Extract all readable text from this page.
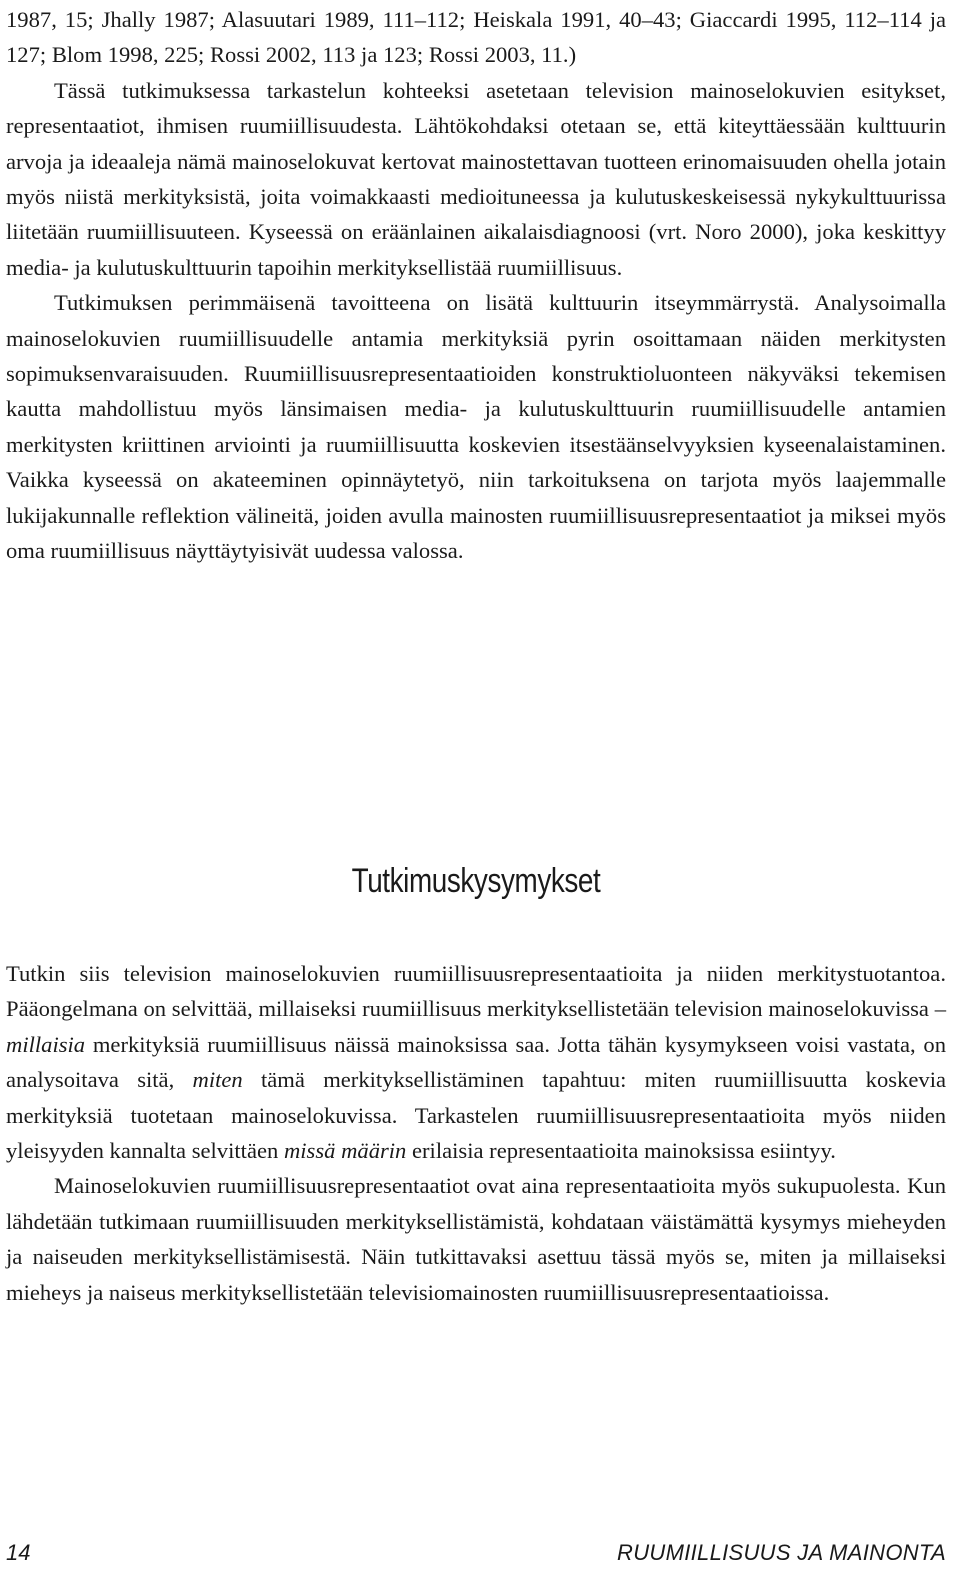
1987, 15; Jhally 1987; Alasuutari 1989, 111–112; Heiskala 1991, 40–43; Giaccardi 1995, 112–114 ja 127; Blom 1998, 225; Rossi 2002, 113 ja 123; Rossi 2003, 11.)

Tässä tutkimuksessa tarkastelun kohteeksi asetetaan television mainoselokuvien esitykset, representaatiot, ihmisen ruumiillisuudesta. Lähtökohdaksi otetaan se, että kiteyttäessään kulttuurin arvoja ja ideaaleja nämä mainoselokuvat kertovat mainostettavan tuotteen erinomaisuuden ohella jotain myös niistä merkityksistä, joita voimakkaasti medioituneessa ja kulutuskeskeisessä nykykulttuurissa liitetään ruumiillisuuteen. Kyseessä on eräänlainen aikalaisdiagnoosi (vrt. Noro 2000), joka keskittyy media- ja kulutuskulttuurin tapoihin merkityksellistää ruumiillisuus.

Tutkimuksen perimmäisenä tavoitteena on lisätä kulttuurin itseymmärrystä. Analysoimalla mainoselokuvien ruumiillisuudelle antamia merkityksiä pyrin osoittamaan näiden merkitysten sopimuksenvaraisuuden. Ruumiillisuusrepresentaatioiden konstruktioluonteen näkyväksi tekemisen kautta mahdollistuu myös länsimaisen media- ja kulutuskulttuurin ruumiillisuudelle antamien merkitysten kriittinen arviointi ja ruumiillisuutta koskevien itsestäänselvyyksien kyseenalaistaminen. Vaikka kyseessä on akateeminen opinnäytetyö, niin tarkoituksena on tarjota myös laajemmalle lukijakunnalle reflektion välineitä, joiden avulla mainosten ruumiillisuusrepresentaatiot ja miksei myös oma ruumiillisuus näyttäytyisivät uudessa valossa.

Tutkimuskysymykset

Tutkin siis television mainoselokuvien ruumiillisuusrepresentaatioita ja niiden merkitystuotantoa. Pääongelmana on selvittää, millaiseksi ruumiillisuus merkityksellistetään television mainoselokuvissa – millaisia merkityksiä ruumiillisuus näissä mainoksissa saa. Jotta tähän kysymykseen voisi vastata, on analysoitava sitä, miten tämä merkityksellistäminen tapahtuu: miten ruumiillisuutta koskevia merkityksiä tuotetaan mainoselokuvissa. Tarkastelen ruumiillisuusrepresentaatioita myös niiden yleisyyden kannalta selvittäen missä määrin erilaisia representaatioita mainoksissa esiintyy.

Mainoselokuvien ruumiillisuusrepresentaatiot ovat aina representaatioita myös sukupuolesta. Kun lähdetään tutkimaan ruumiillisuuden merkityksellistämistä, kohdataan väistämättä kysymys mieheyden ja naiseuden merkityksellistämisestä. Näin tutkittavaksi asettuu tässä myös se, miten ja millaiseksi mieheys ja naiseus merkityksellistetään televisiomainosten ruumiillisuusrepresentaatioissa.

14	RUUMIILLISUUS JA MAINONTA
